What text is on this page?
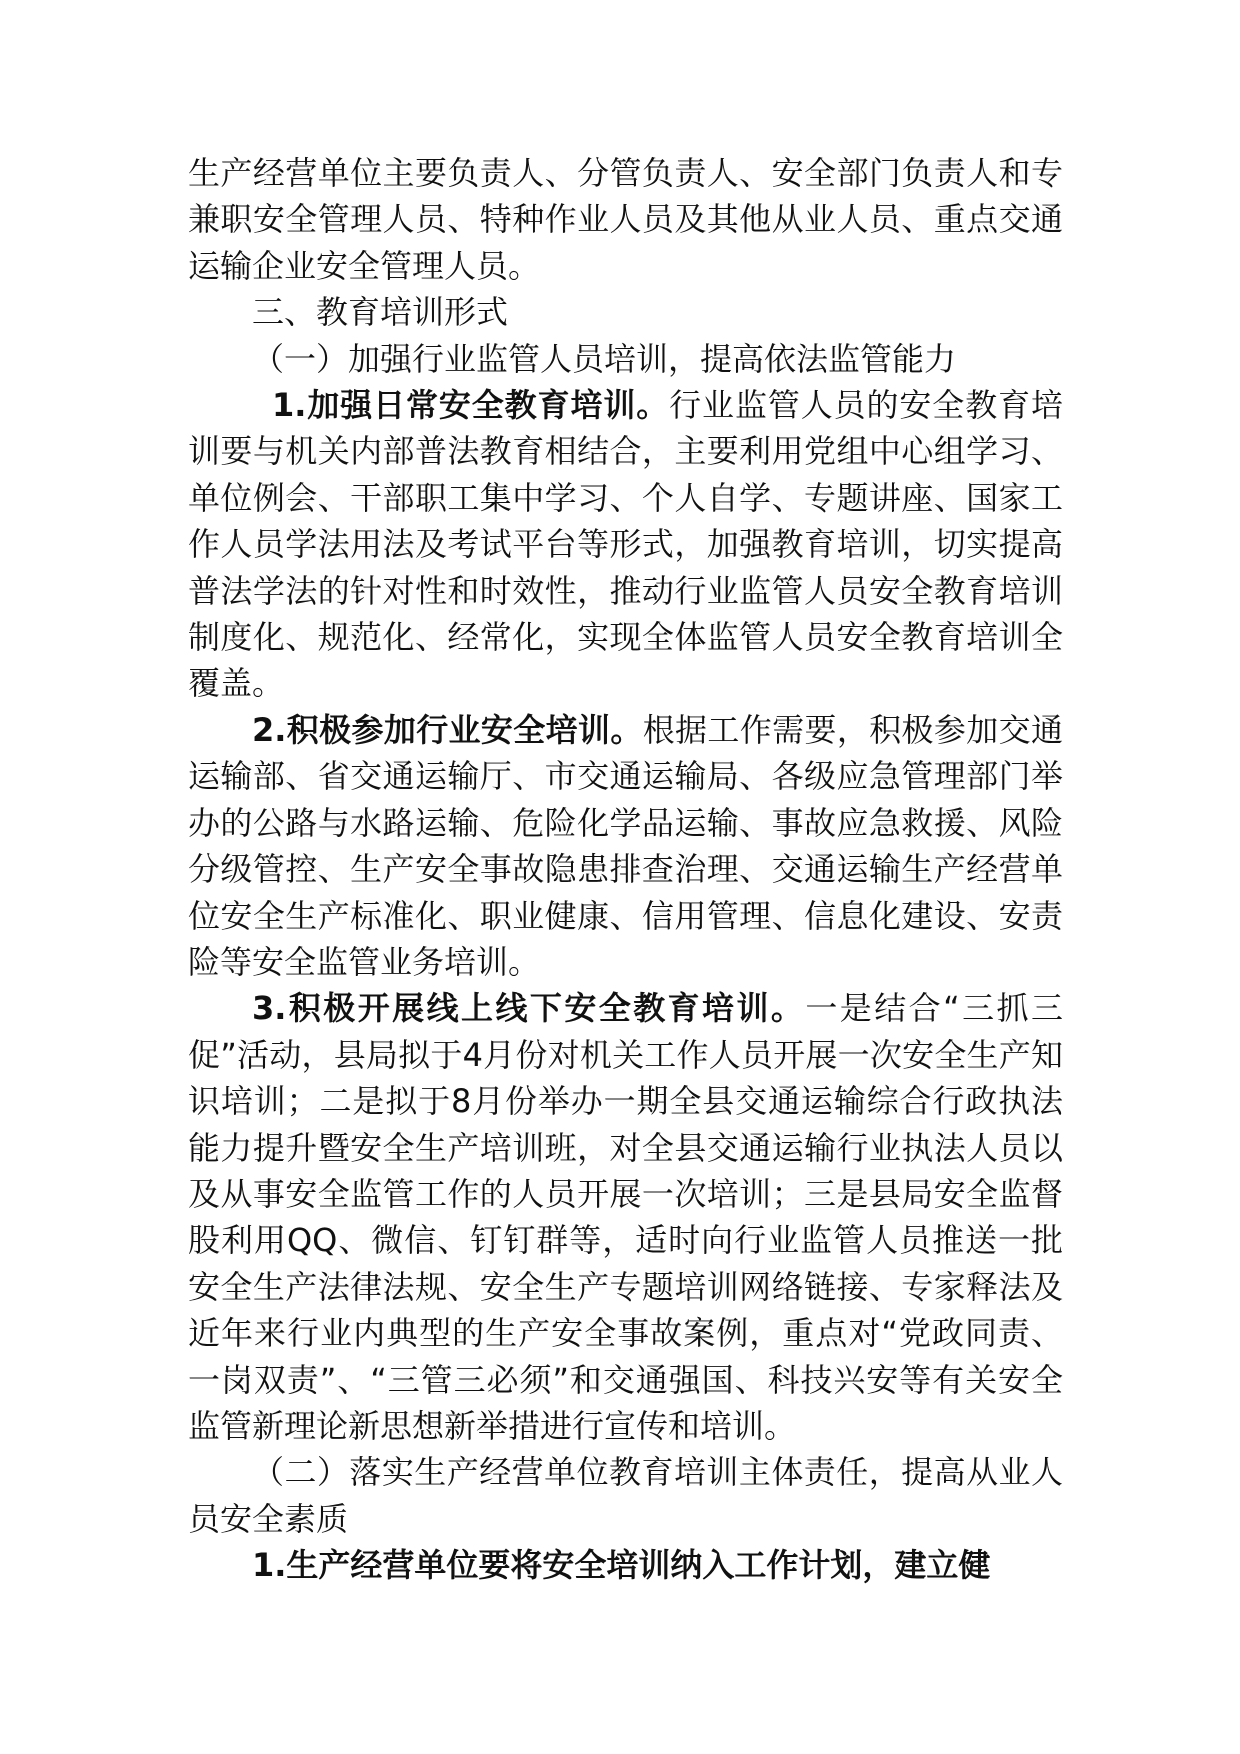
生产经营单位主要负责人、分管负责人、安全部门负责人和专兼职安全管理人员、特种作业人员及其他从业人员、重点交通运输企业安全管理人员。

三、教育培训形式

（一）加强行业监管人员培训，提高依法监管能力

1.加强日常安全教育培训。行业监管人员的安全教育培训要与机关内部普法教育相结合，主要利用党组中心组学习、单位例会、干部职工集中学习、个人自学、专题讲座、国家工作人员学法用法及考试平台等形式，加强教育培训，切实提高普法学法的针对性和时效性，推动行业监管人员安全教育培训制度化、规范化、经常化，实现全体监管人员安全教育培训全覆盖。

2.积极参加行业安全培训。根据工作需要，积极参加交通运输部、省交通运输厅、市交通运输局、各级应急管理部门举办的公路与水路运输、危险化学品运输、事故应急救援、风险分级管控、生产安全事故隐患排查治理、交通运输生产经营单位安全生产标准化、职业健康、信用管理、信息化建设、安责险等安全监管业务培训。

3.积极开展线上线下安全教育培训。一是结合“三抓三促”活动，县局拟于4月份对机关工作人员开展一次安全生产知识培训；二是拟于8月份举办一期全县交通运输综合行政执法能力提升暨安全生产培训班，对全县交通运输行业执法人员以及从事安全监管工作的人员开展一次培训；三是县局安全监督股利用QQ、微信、钉钉群等，适时向行业监管人员推送一批安全生产法律法规、安全生产专题培训网络链接、专家释法及近年来行业内典型的生产安全事故案例，重点对“党政同责、一岗双责”、“三管三必须”和交通强国、科技兴安等有关安全监管新理论新思想新举措进行宣传和培训。

（二）落实生产经营单位教育培训主体责任，提高从业人员安全素质

1.生产经营单位要将安全培训纳入工作计划，建立健
